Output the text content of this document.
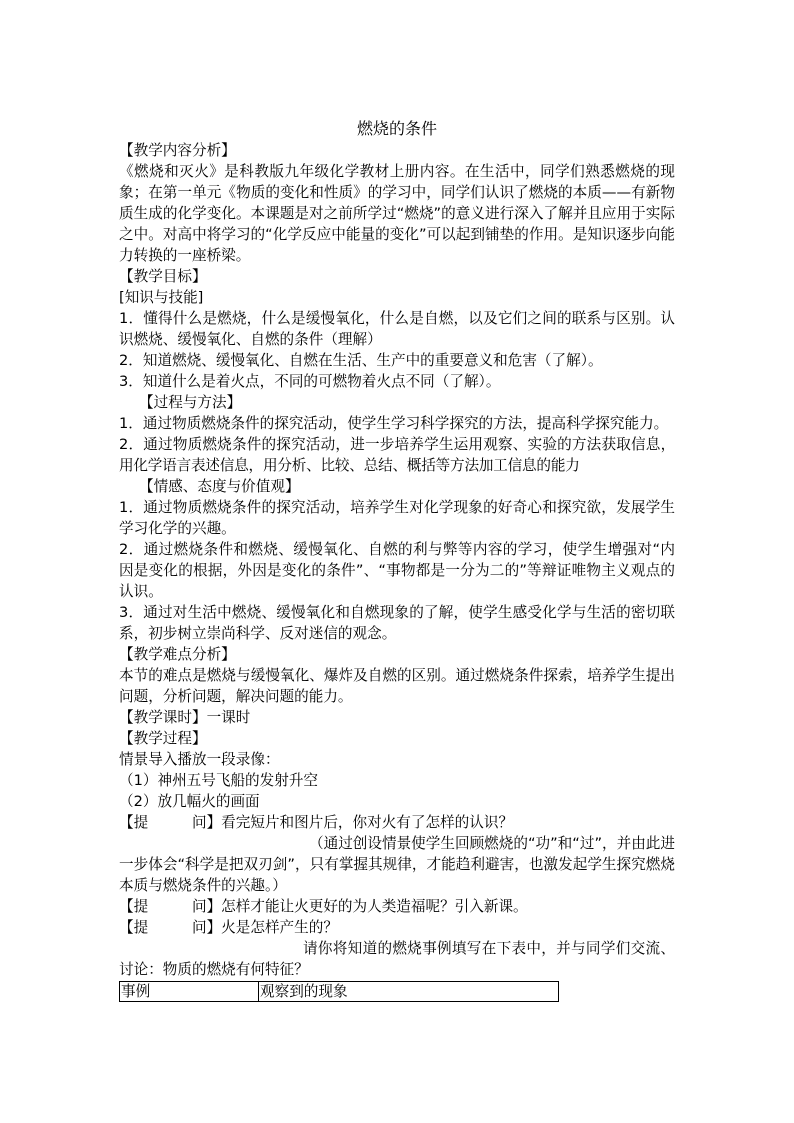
燃烧的条件

【教学内容分析】

《燃烧和灭火》是科教版九年级化学教材上册内容。在生活中，同学们熟悉燃烧的现象；在第一单元《物质的变化和性质》的学习中，同学们认识了燃烧的本质——有新物质生成的化学变化。本课题是对之前所学过“燃烧”的意义进行深入了解并且应用于实际之中。对高中将学习的“化学反应中能量的变化”可以起到铺垫的作用。是知识逐步向能力转换的一座桥梁。

【教学目标】

[知识与技能]

1．懂得什么是燃烧，什么是缓慢氧化，什么是自燃，以及它们之间的联系与区别。认识燃烧、缓慢氧化、自燃的条件（理解）

2．知道燃烧、缓慢氧化、自燃在生活、生产中的重要意义和危害（了解）。

3．知道什么是着火点，不同的可燃物着火点不同（了解）。

【过程与方法】

1．通过物质燃烧条件的探究活动，使学生学习科学探究的方法，提高科学探究能力。

2．通过物质燃烧条件的探究活动，进一步培养学生运用观察、实验的方法获取信息，用化学语言表述信息，用分析、比较、总结、概括等方法加工信息的能力

【情感、态度与价值观】

1．通过物质燃烧条件的探究活动，培养学生对化学现象的好奇心和探究欲，发展学生学习化学的兴趣。

2．通过燃烧条件和燃烧、缓慢氧化、自燃的利与弊等内容的学习，使学生增强对“内因是变化的根据，外因是变化的条件”、“事物都是一分为二的”等辩证唯物主义观点的认识。

3．通过对生活中燃烧、缓慢氧化和自燃现象的了解，使学生感受化学与生活的密切联系，初步树立崇尚科学、反对迷信的观念。

【教学难点分析】

本节的难点是燃烧与缓慢氧化、爆炸及自燃的区别。通过燃烧条件探索，培养学生提出问题，分析问题，解决问题的能力。

【教学课时】一课时

【教学过程】

情景导入播放一段录像：

（1）神州五号飞船的发射升空

（2）放几幅火的画面

【提　　　问】看完短片和图片后，你对火有了怎样的认识？

（通过创设情景使学生回顾燃烧的“功”和“过”，并由此进一步体会“科学是把双刃剑”，只有掌握其规律，才能趋利避害，也激发起学生探究燃烧本质与燃烧条件的兴趣。）

【提　　　问】怎样才能让火更好的为人类造福呢？引入新课。

【提　　　问】火是怎样产生的？

请你将知道的燃烧事例填写在下表中，并与同学们交流、讨论：物质的燃烧有何特征？

事例	观察到的现象
